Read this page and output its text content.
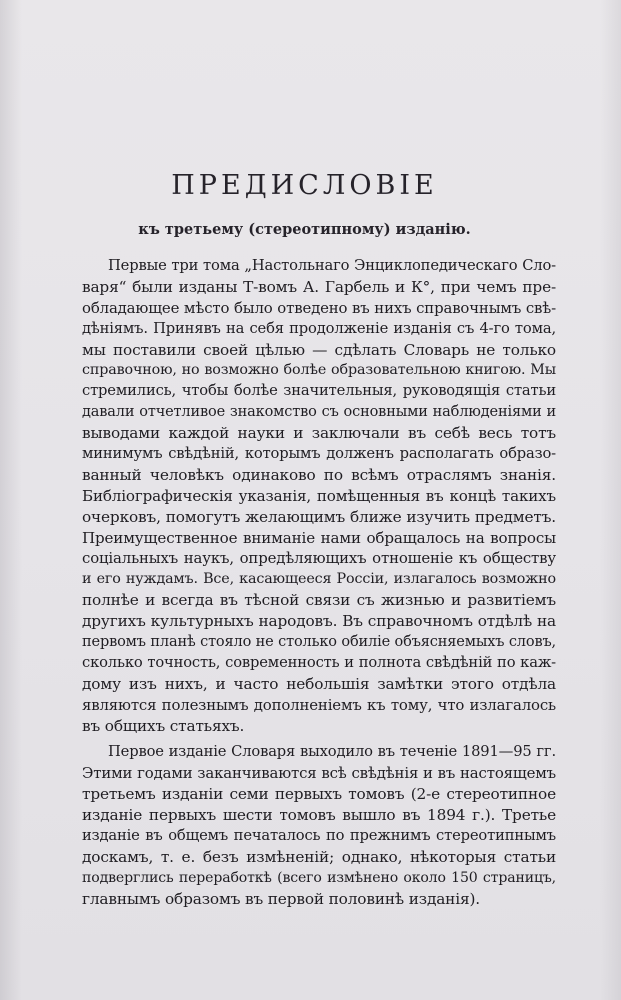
ПРЕДИСЛОВІЕ
къ третьему (стереотипному) изданію.
Первые три тома „Настольнаго Энциклопедическаго Сло-
варя“ были изданы Т-вомъ А. Гарбель и К°, при чемъ пре-
обладающее мѣсто было отведено въ нихъ справочнымъ свѣ-
дѣніямъ. Принявъ на себя продолженіе изданія съ 4-го тома,
мы поставили своей цѣлью — сдѣлать Словарь не только
справочною, но возможно болѣе образовательною книгою. Мы
стремились, чтобы болѣе значительныя, руководящія статьи
давали отчетливое знакомство съ основными наблюденіями и
выводами каждой науки и заключали въ себѣ весь тотъ
минимумъ свѣдѣній, которымъ долженъ располагать образо-
ванный человѣкъ одинаково по всѣмъ отраслямъ знанія.
Библіографическія указанія, помѣщенныя въ концѣ такихъ
очерковъ, помогутъ желающимъ ближе изучить предметъ.
Преимущественное вниманіе нами обращалось на вопросы
соціальныхъ наукъ, опредѣляющихъ отношеніе къ обществу
и его нуждамъ. Все, касающееся Россіи, излагалось возможно
полнѣе и всегда въ тѣсной связи съ жизнью и развитіемъ
другихъ культурныхъ народовъ. Въ справочномъ отдѣлѣ на
первомъ планѣ стояло не столько обиліе объясняемыхъ словъ,
сколько точность, современность и полнота свѣдѣній по каж-
дому изъ нихъ, и часто небольшія замѣтки этого отдѣла
являются полезнымъ дополненіемъ къ тому, что излагалось
въ общихъ статьяхъ.
Первое изданіе Словаря выходило въ теченіе 1891—95 гг.
Этими годами заканчиваются всѣ свѣдѣнія и въ настоящемъ
третьемъ изданіи семи первыхъ томовъ (2-е стереотипное
изданіе первыхъ шести томовъ вышло въ 1894 г.). Третье
изданіе въ общемъ печаталось по прежнимъ стереотипнымъ
доскамъ, т. е. безъ измѣненій; однако, нѣкоторыя статьи
подверглись переработкѣ (всего измѣнено около 150 страницъ,
главнымъ образомъ въ первой половинѣ изданія).
